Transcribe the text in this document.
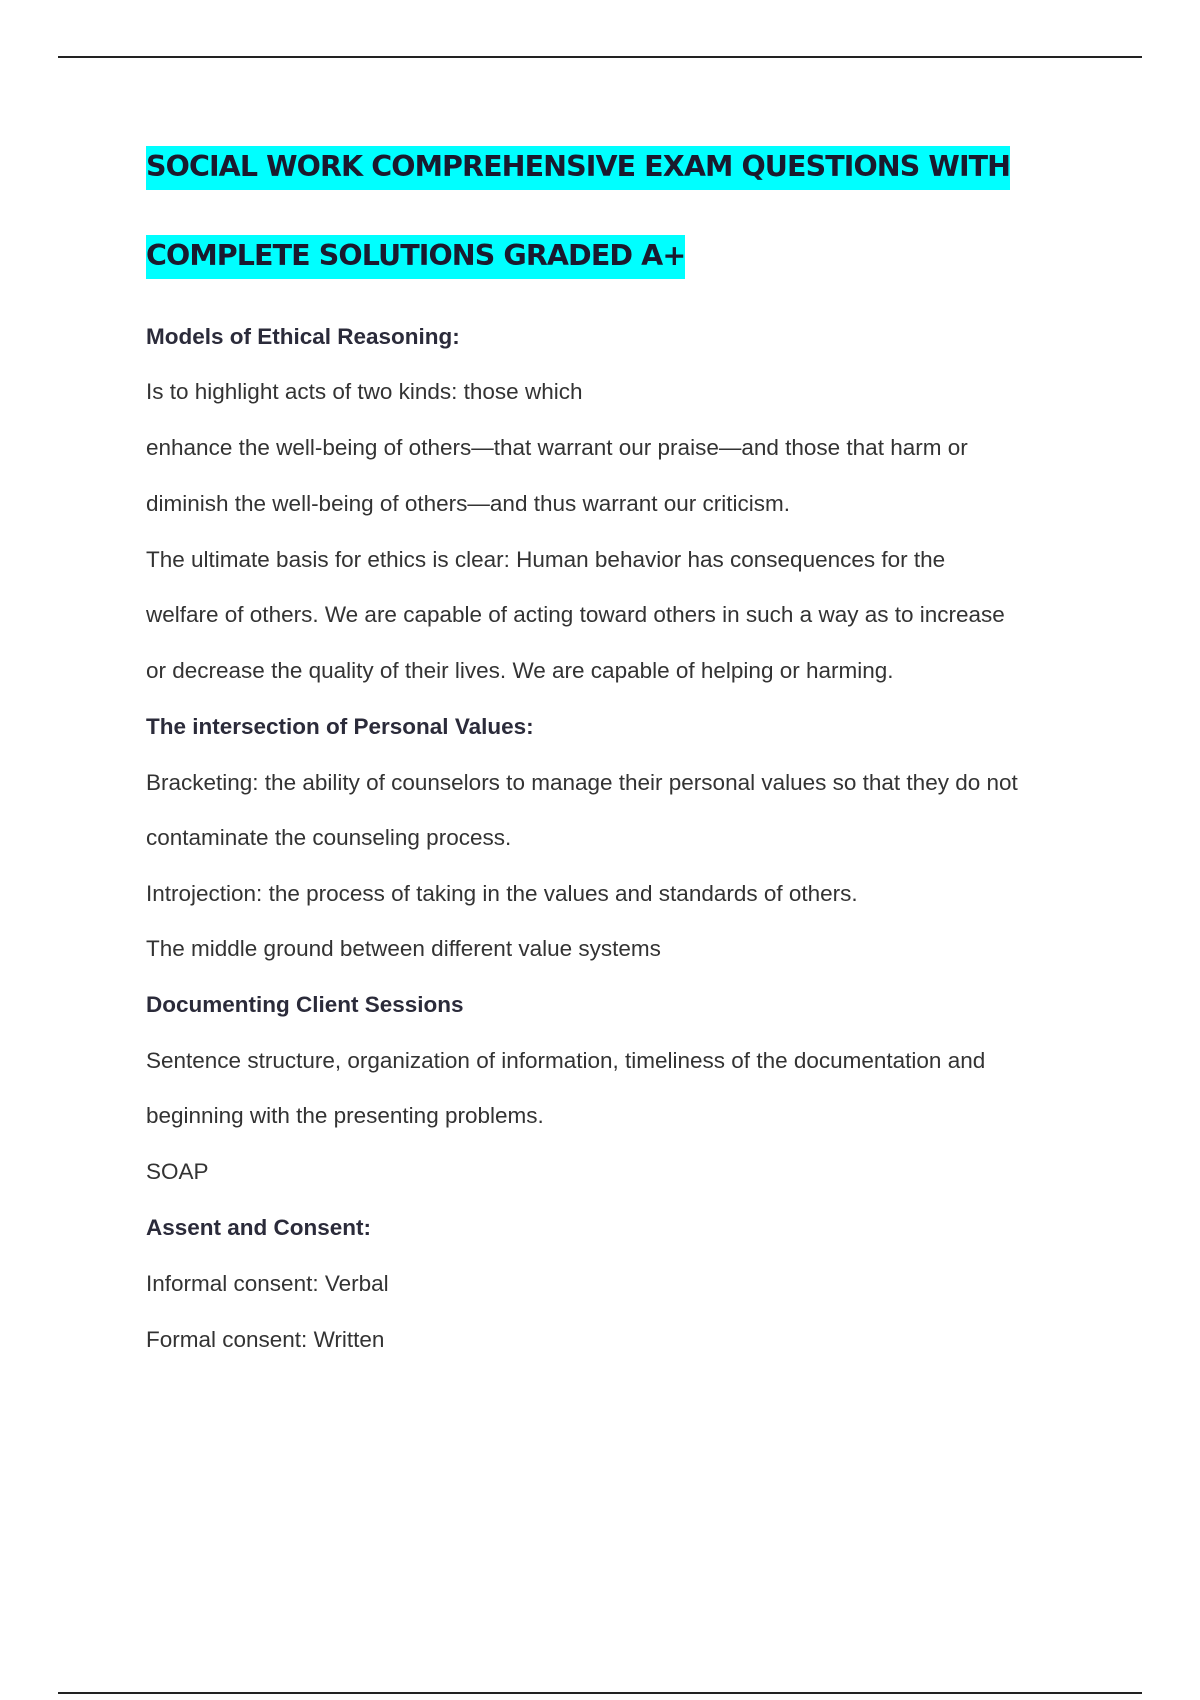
SOCIAL WORK COMPREHENSIVE EXAM QUESTIONS WITH
COMPLETE SOLUTIONS GRADED A+
Models of Ethical Reasoning:
Is to highlight acts of two kinds: those which
enhance the well-being of others—that warrant our praise—and those that harm or
diminish the well-being of others—and thus warrant our criticism.
The ultimate basis for ethics is clear: Human behavior has consequences for the
welfare of others. We are capable of acting toward others in such a way as to increase
or decrease the quality of their lives. We are capable of helping or harming.
The intersection of Personal Values:
Bracketing: the ability of counselors to manage their personal values so that they do not
contaminate the counseling process.
Introjection: the process of taking in the values and standards of others.
The middle ground between different value systems
Documenting Client Sessions
Sentence structure, organization of information, timeliness of the documentation and
beginning with the presenting problems.
SOAP
Assent and Consent:
Informal consent: Verbal
Formal consent: Written
